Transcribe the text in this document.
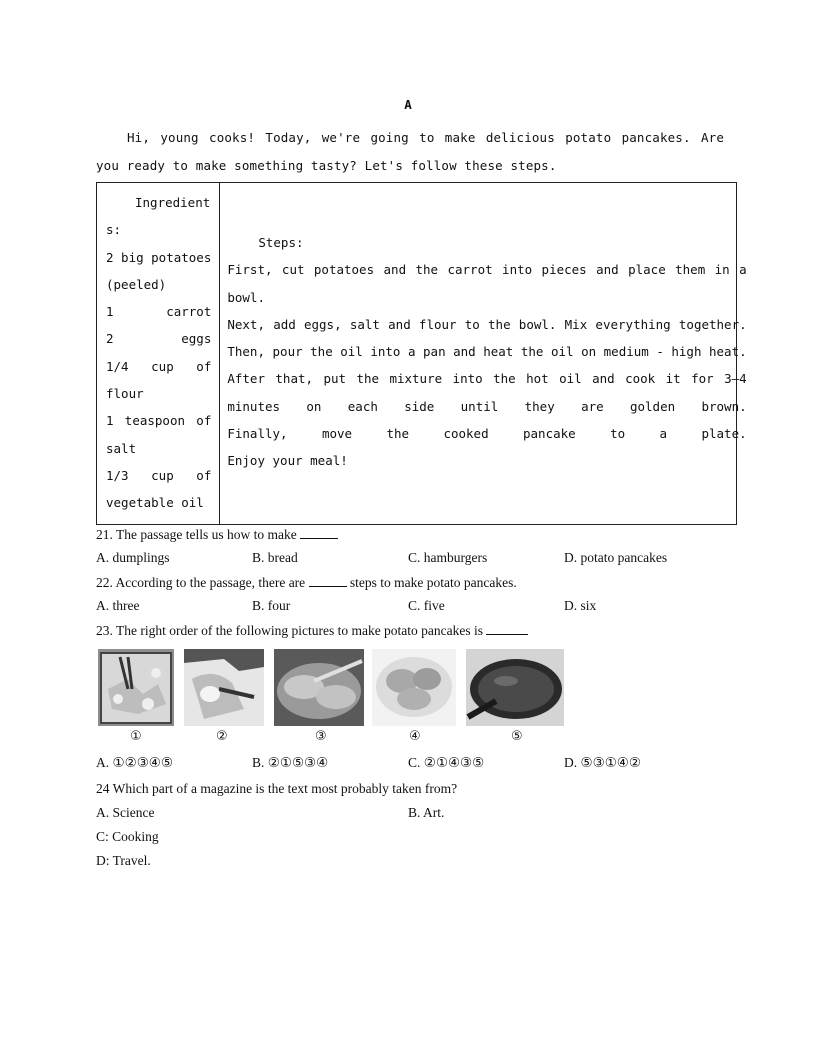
A
Hi, young cooks! Today, we're going to make delicious potato pancakes. Are you ready to make something tasty? Let's follow these steps.
Ingredient
s:
2 big potatoes
(peeled)
1 carrot
2 eggs
1/4 cup of
flour
1 teaspoon of
salt
1/3 cup of
vegetable oil
Steps:
First, cut potatoes and the carrot into pieces and place them in a
bowl.
Next, add eggs, salt and flour to the bowl. Mix everything together.
Then, pour the oil into a pan and heat the oil on medium - high heat.
After that, put the mixture into the hot oil and cook it for 3—4
minutes on each side until they are golden brown.
Finally, move the cooked pancake to a plate.
Enjoy your meal!
21. The passage tells us how to make
A. dumplings	B. bread	C. hamburgers	D. potato pancakes
22. According to the passage, there are	steps to make potato pancakes.
A. three	B. four	C. five	D. six
23. The right order of the following pictures to make potato pancakes is
①	②	③	④	⑤
A. ①②③④⑤	B. ②①⑤③④	C. ②①④③⑤	D. ⑤③①④②
24 Which part of a magazine is the text most probably taken from?
A. Science	B. Art.
C: Cooking
D: Travel.
